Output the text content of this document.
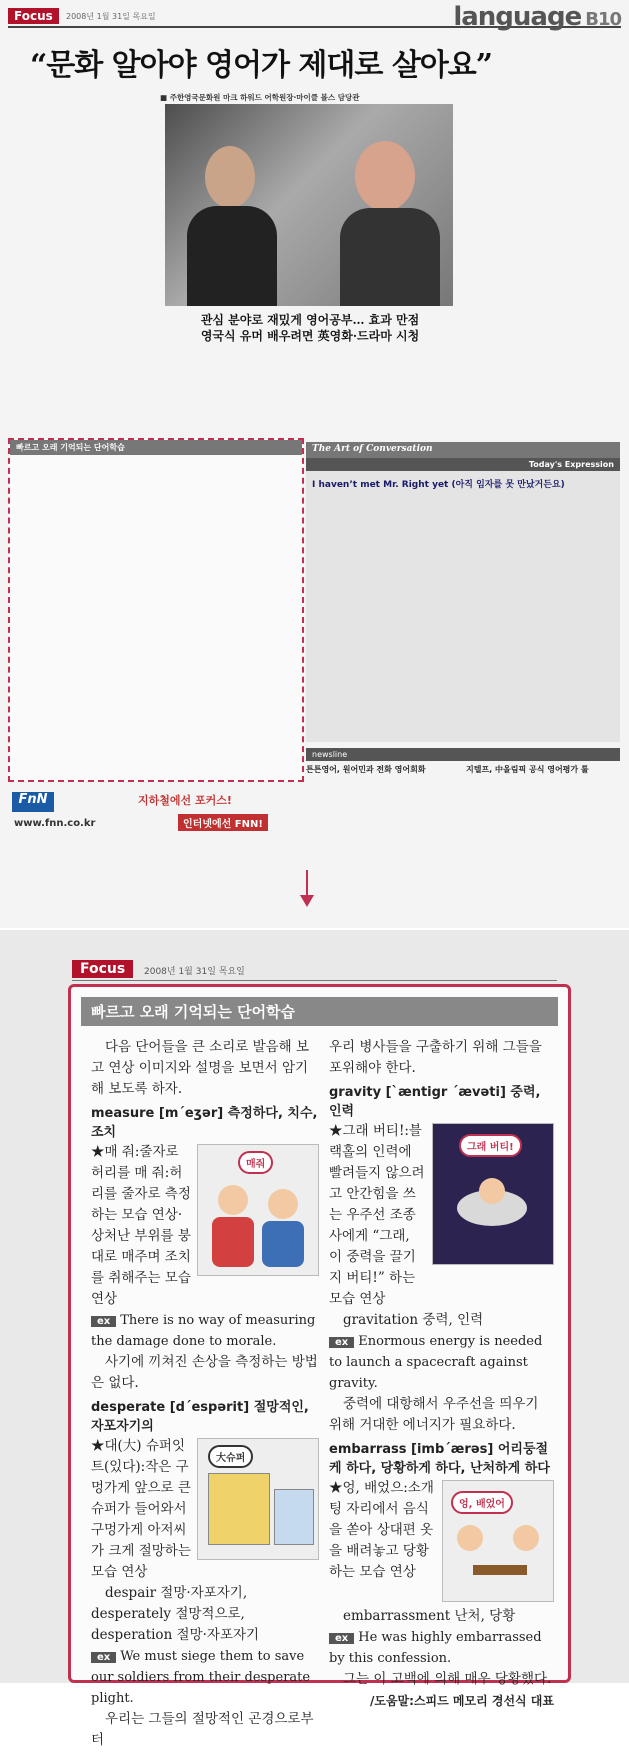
Focus	2008년 1월 31일 목요일	language B10
“문화 알아야 영어가 제대로 살아요”
■ 주한영국문화원 마크 하워드 어학원장·마이클 볼스 담당관
관심 분야로 재밌게 영어공부… 효과 만점
영국식 유머 배우려면 英영화·드라마 시청
빠르고 오래 기억되는 단어학습	The Art of Conversation
Today's Expression
I haven’t met Mr. Right yet (아직 임자를 못 만났거든요)
newsline
튼튼영어, 원어민과 전화 영어회화	지텔프, 中올림픽 공식 영어평가 툴
FnN
www.fnn.co.kr
지하철에선 포커스!
인터넷에선 FNN!
Focus	2008년 1월 31일 목요일
빠르고 오래 기억되는 단어학습

다음 단어들을 큰 소리로 발음해 보고 연상 이미지와 설명을 보면서 암기해 보도록 하자.

measure [mˊeʒər] 측정하다, 치수, 조치
매줘
★매 줘:줄자로 허리를 매 줘:허리를 줄자로 측정하는 모습 연상·상처난 부위를 붕대로 매주며 조치를 취해주는 모습 연상
ex There is no way of measuring the damage done to morale.

사기에 끼쳐진 손상을 측정하는 방법은 없다.

desperate [dˊespərit] 절망적인, 자포자기의
大슈퍼
★대(大) 슈퍼잇 트(있다):작은 구멍가게 앞으로 큰 슈퍼가 들어와서 구멍가게 아저씨가 크게 절망하는 모습 연상
despair 절망·자포자기, desperately 절망적으로, desperation 절망·자포자기
ex We must siege them to save our soldiers from their desperate plight.

우리는 그들의 절망적인 곤경으로부터

우리 병사들을 구출하기 위해 그들을 포위해야 한다.
gravity [ˋæntigr ˊævəti] 중력, 인력
그래 버티!
★그래 버티!:블랙홀의 인력에 빨려들지 않으려고 안간힘을 쓰는 우주선 조종사에게 “그래, 이 중력을 끌기지 버티!” 하는 모습 연상
gravitation 중력, 인력
ex Enormous energy is needed to launch a spacecraft against gravity.

중력에 대항해서 우주선을 띄우기 위해 거대한 에너지가 필요하다.

embarrass [imbˊærəs] 어리둥절케 하다, 당황하게 하다, 난처하게 하다
엉, 배었어
★엉, 배었으:소개팅 자리에서 음식을 쏟아 상대편 옷을 배려놓고 당황하는 모습 연상
embarrassment 난처, 당황
ex He was highly embarrassed by this confession.

그는 이 고백에 의해 매우 당황했다.

/도움말:스피드 메모리 경선식 대표
